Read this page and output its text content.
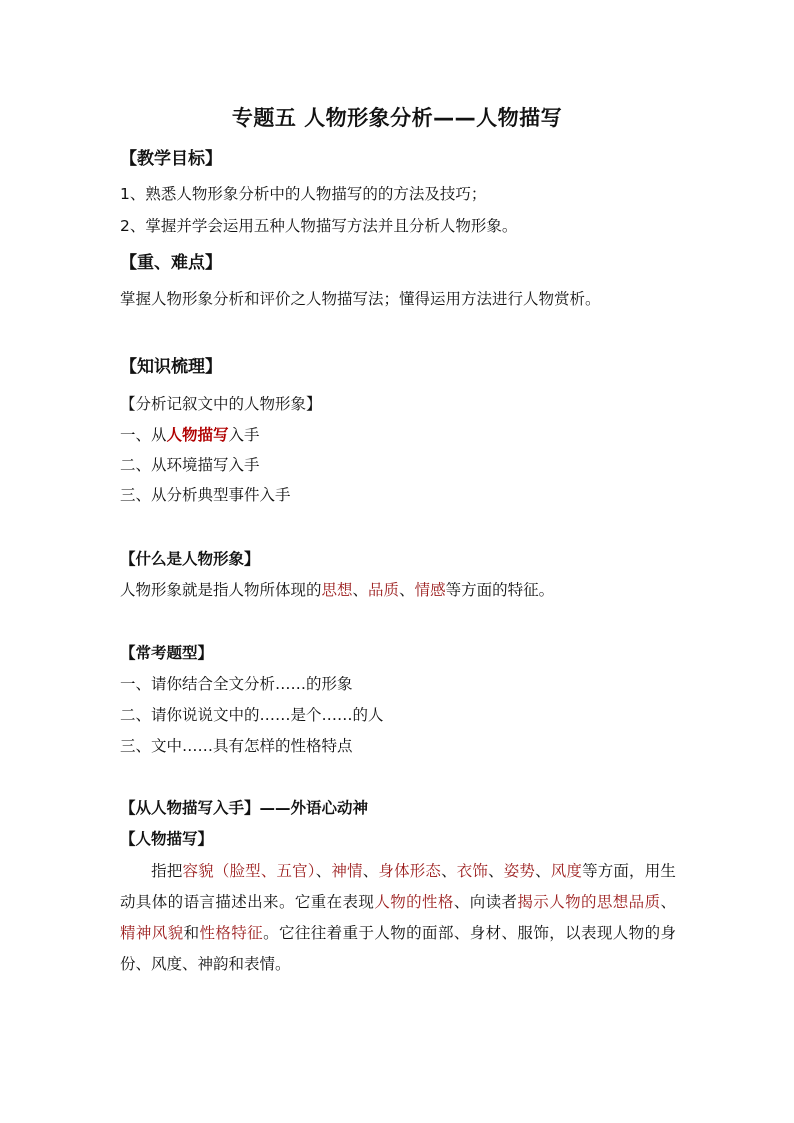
专题五 人物形象分析——人物描写
【教学目标】
1、熟悉人物形象分析中的人物描写的的方法及技巧；
2、掌握并学会运用五种人物描写方法并且分析人物形象。
【重、难点】
掌握人物形象分析和评价之人物描写法；懂得运用方法进行人物赏析。
【知识梳理】
【分析记叙文中的人物形象】
一、从人物描写入手
二、从环境描写入手
三、从分析典型事件入手
【什么是人物形象】
人物形象就是指人物所体现的思想、品质、情感等方面的特征。
【常考题型】
一、请你结合全文分析……的形象
二、请你说说文中的……是个……的人
三、文中……具有怎样的性格特点
【从人物描写入手】——外语心动神
【人物描写】
指把容貌（脸型、五官）、神情、身体形态、衣饰、姿势、风度等方面，用生动具体的语言描述出来。它重在表现人物的性格、向读者揭示人物的思想品质、精神风貌和性格特征。它往往着重于人物的面部、身材、服饰，以表现人物的身份、风度、神韵和表情。
